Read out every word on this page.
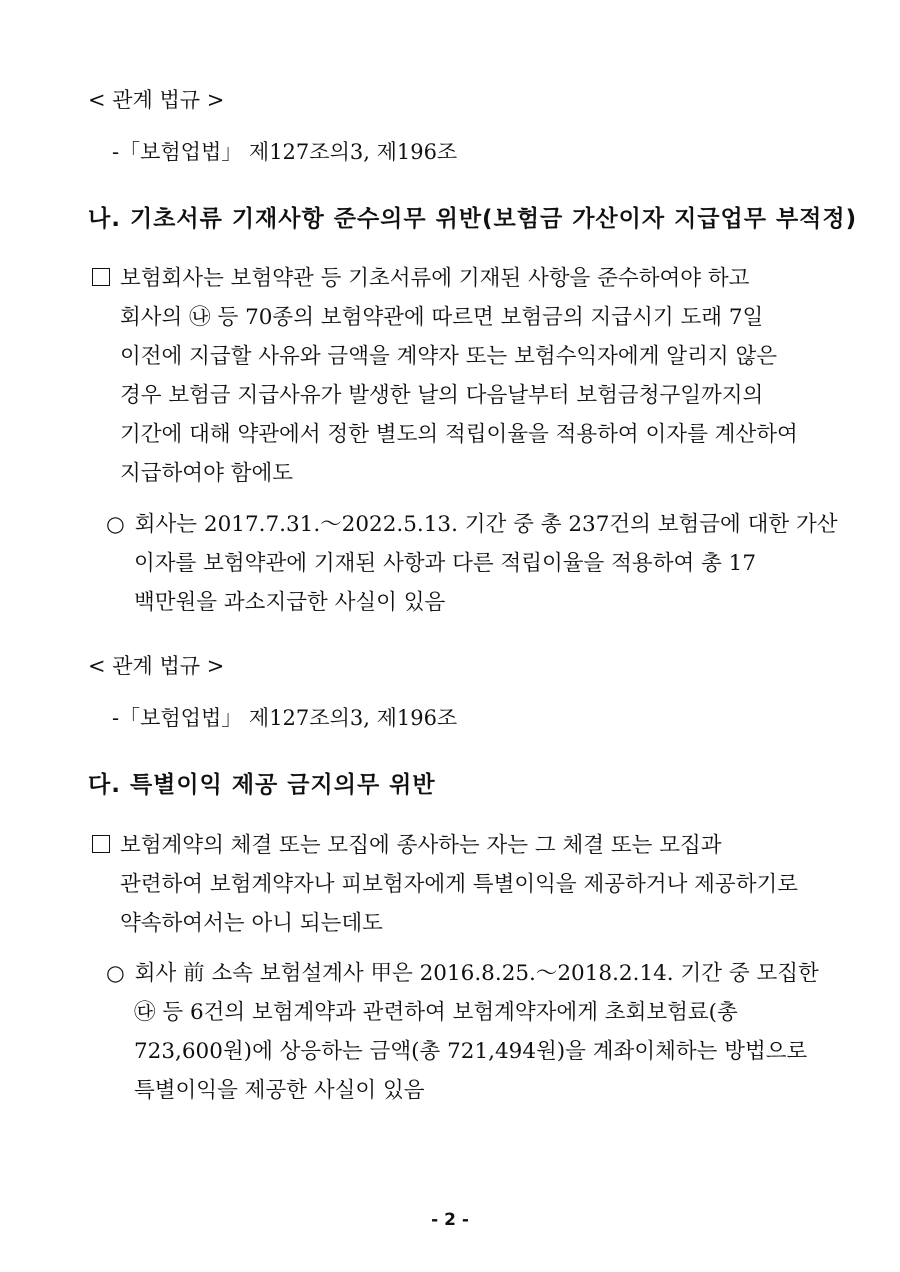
< 관계 법규 >
-「보험업법」 제127조의3, 제196조
나. 기초서류 기재사항 준수의무 위반(보험금 가산이자 지급업무 부적정)
보험회사는 보험약관 등 기초서류에 기재된 사항을 준수하여야 하고
회사의 ㉯ 등 70종의 보험약관에 따르면 보험금의 지급시기 도래 7일
이전에 지급할 사유와 금액을 계약자 또는 보험수익자에게 알리지 않은
경우 보험금 지급사유가 발생한 날의 다음날부터 보험금청구일까지의
기간에 대해 약관에서 정한 별도의 적립이율을 적용하여 이자를 계산하여
지급하여야 함에도
○ 회사는 2017.7.31.～2022.5.13. 기간 중 총 237건의 보험금에 대한 가산
이자를 보험약관에 기재된 사항과 다른 적립이율을 적용하여 총 17
백만원을 과소지급한 사실이 있음
< 관계 법규 >
-「보험업법」 제127조의3, 제196조
다. 특별이익 제공 금지의무 위반
보험계약의 체결 또는 모집에 종사하는 자는 그 체결 또는 모집과
관련하여 보험계약자나 피보험자에게 특별이익을 제공하거나 제공하기로
약속하여서는 아니 되는데도
○ 회사 前 소속 보험설계사 甲은 2016.8.25.～2018.2.14. 기간 중 모집한
㉰ 등 6건의 보험계약과 관련하여 보험계약자에게 초회보험료(총
723,600원)에 상응하는 금액(총 721,494원)을 계좌이체하는 방법으로
특별이익을 제공한 사실이 있음
- 2 -
